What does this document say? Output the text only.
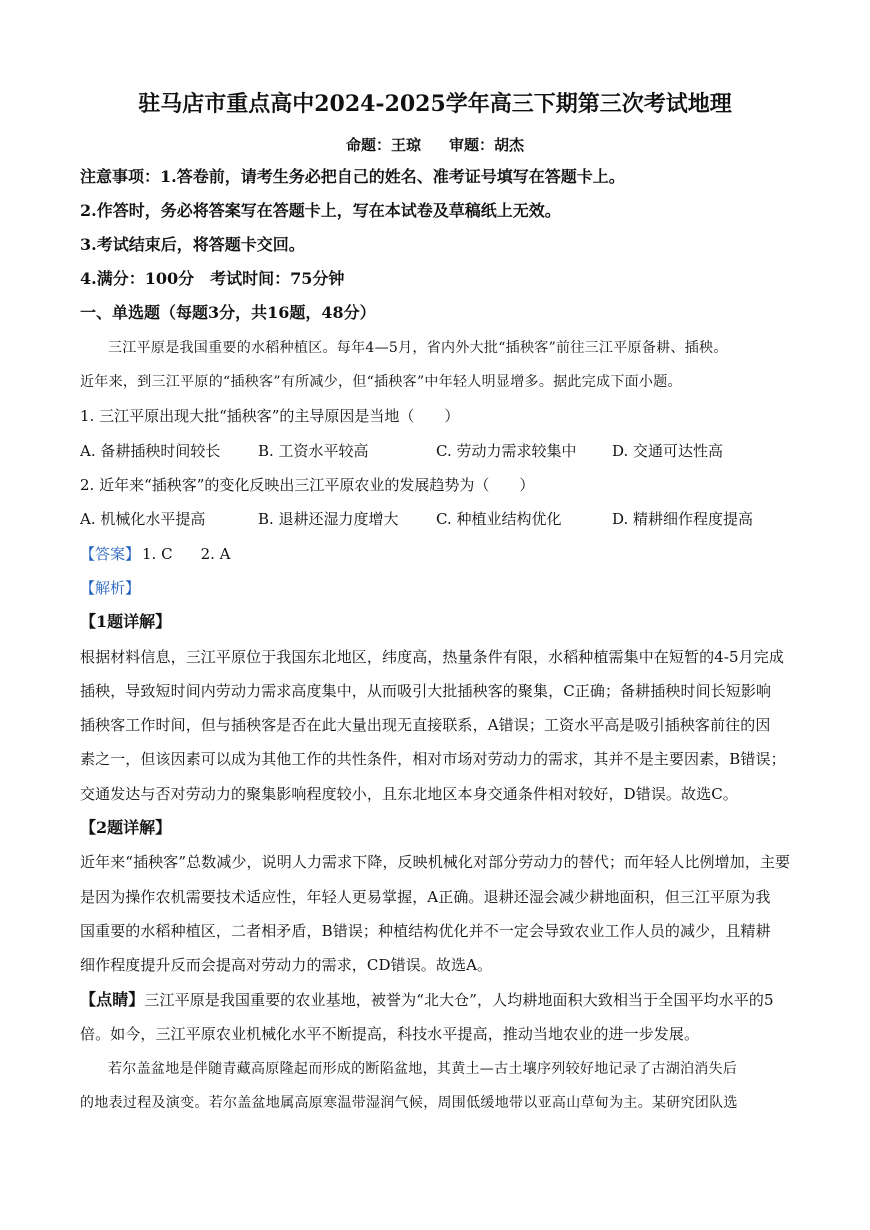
驻马店市重点高中2024-2025学年高三下期第三次考试地理
命题：王琼 审题：胡杰
注意事项：1.答卷前，请考生务必把自己的姓名、准考证号填写在答题卡上。
2.作答时，务必将答案写在答题卡上，写在本试卷及草稿纸上无效。
3.考试结束后，将答题卡交回。
4.满分：100分　考试时间：75分钟
一、单选题（每题3分，共16题，48分）
三江平原是我国重要的水稻种植区。每年4—5月，省内外大批“插秧客”前往三江平原备耕、插秧。
近年来，到三江平原的“插秧客”有所减少，但“插秧客”中年轻人明显增多。据此完成下面小题。
1. 三江平原出现大批“插秧客”的主导原因是当地（　　）
A. 备耕插秧时间较长	B. 工资水平较高	C. 劳动力需求较集中 D. 交通可达性高
2. 近年来“插秧客”的变化反映出三江平原农业的发展趋势为（　　）
A. 机械化水平提高	B. 退耕还湿力度增大 C. 种植业结构优化	D. 精耕细作程度提高
【答案】 1. C 2. A
【解析】
【1题详解】
根据材料信息，三江平原位于我国东北地区，纬度高，热量条件有限，水稻种植需集中在短暂的4-5月完成
插秧，导致短时间内劳动力需求高度集中，从而吸引大批插秧客的聚集，C正确；备耕插秧时间长短影响
插秧客工作时间，但与插秧客是否在此大量出现无直接联系，A错误；工资水平高是吸引插秧客前往的因
素之一，但该因素可以成为其他工作的共性条件，相对市场对劳动力的需求，其并不是主要因素，B错误；
交通发达与否对劳动力的聚集影响程度较小，且东北地区本身交通条件相对较好，D错误。故选C。
【2题详解】
近年来“插秧客”总数减少，说明人力需求下降，反映机械化对部分劳动力的替代；而年轻人比例增加，主要
是因为操作农机需要技术适应性，年轻人更易掌握，A正确。退耕还湿会减少耕地面积，但三江平原为我
国重要的水稻种植区，二者相矛盾，B错误；种植结构优化并不一定会导致农业工作人员的减少，且精耕
细作程度提升反而会提高对劳动力的需求，CD错误。故选A。
【点睛】三江平原是我国重要的农业基地，被誉为“北大仓”，人均耕地面积大致相当于全国平均水平的5
倍。如今，三江平原农业机械化水平不断提高，科技水平提高，推动当地农业的进一步发展。
若尔盖盆地是伴随青藏高原隆起而形成的断陷盆地，其黄土—古土壤序列较好地记录了古湖泊消失后
的地表过程及演变。若尔盖盆地属高原寒温带湿润气候，周围低缓地带以亚高山草甸为主。某研究团队选
